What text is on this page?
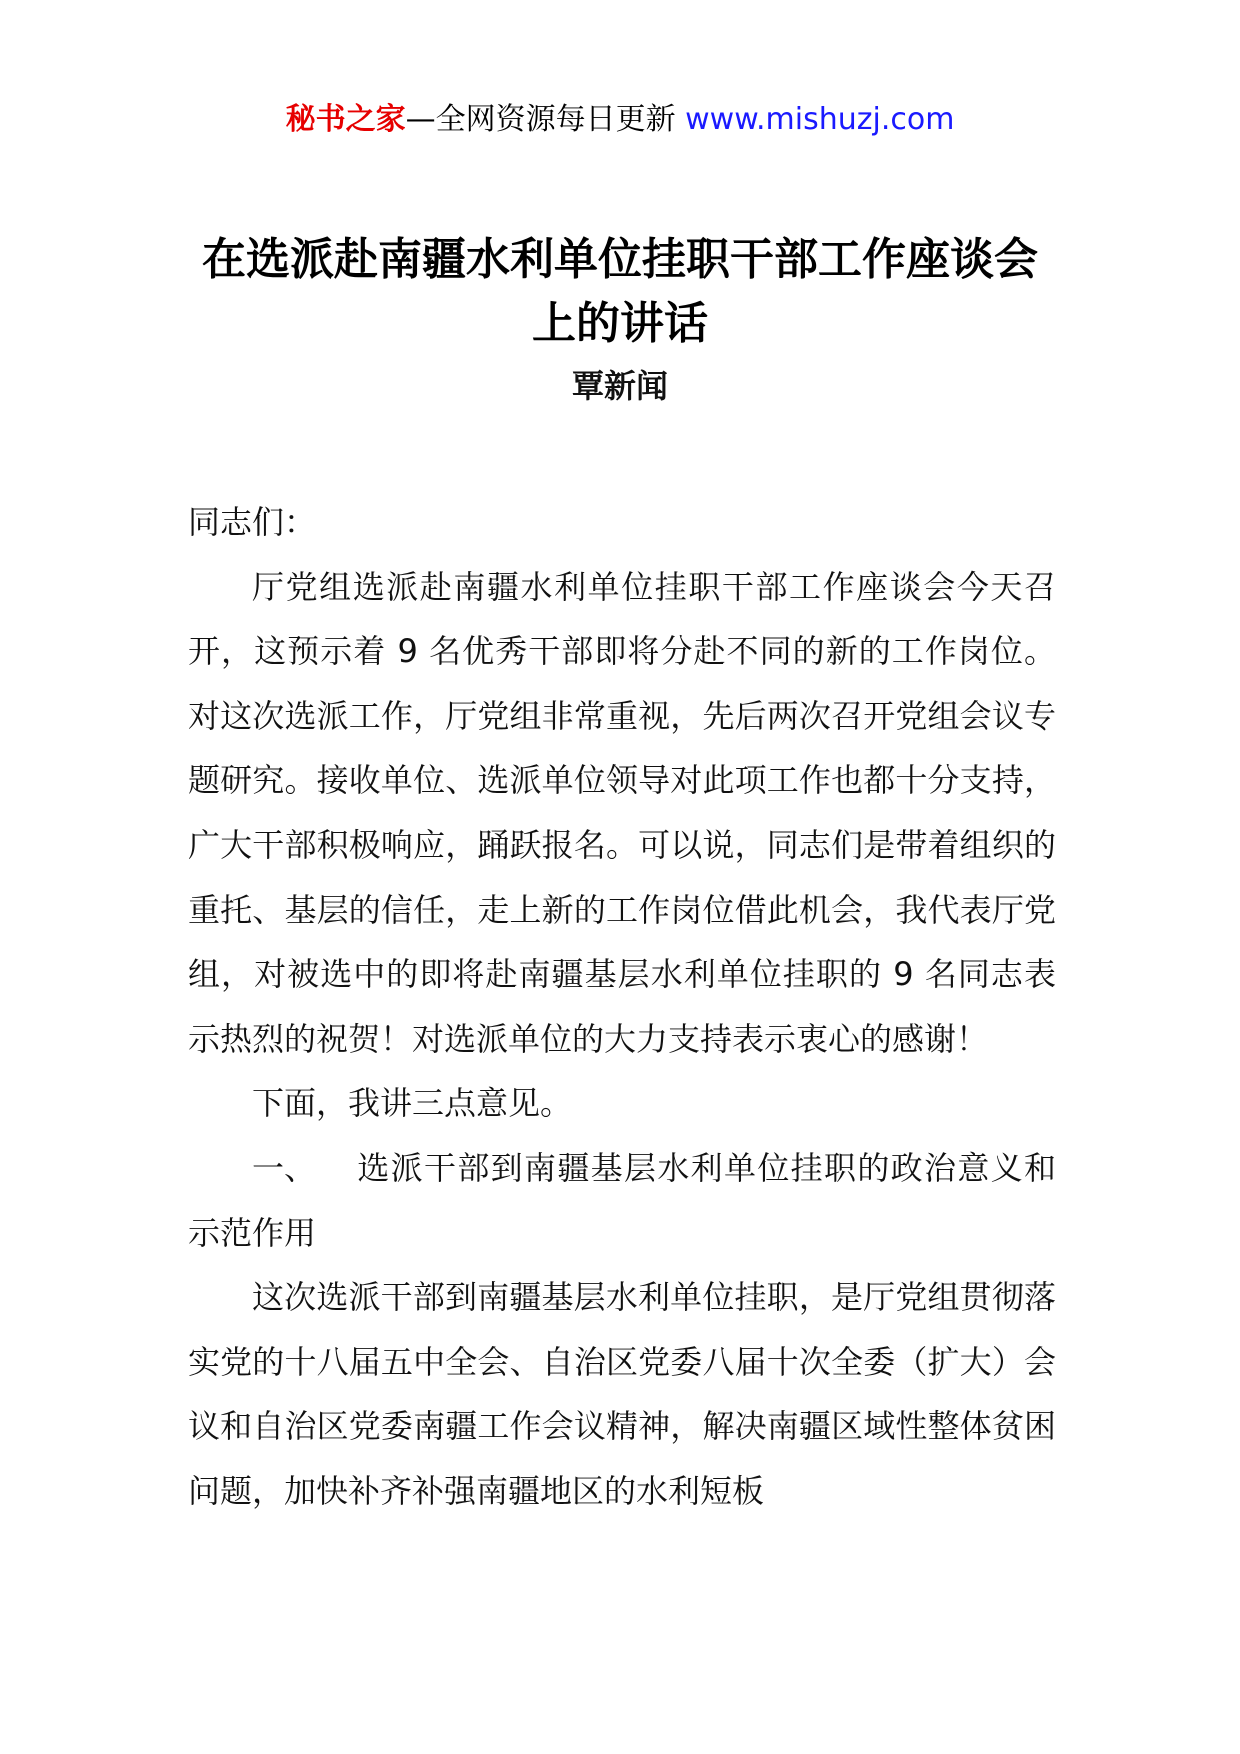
秘书之家—全网资源每日更新 www.mishuzj.com
在选派赴南疆水利单位挂职干部工作座谈会上的讲话
覃新闻

同志们：

厅党组选派赴南疆水利单位挂职干部工作座谈会今天召开，这预示着 9 名优秀干部即将分赴不同的新的工作岗位。对这次选派工作，厅党组非常重视，先后两次召开党组会议专题研究。接收单位、选派单位领导对此项工作也都十分支持，广大干部积极响应，踊跃报名。可以说，同志们是带着组织的重托、基层的信任，走上新的工作岗位借此机会，我代表厅党组，对被选中的即将赴南疆基层水利单位挂职的 9 名同志表示热烈的祝贺！对选派单位的大力支持表示衷心的感谢！

下面，我讲三点意见。

一、 选派干部到南疆基层水利单位挂职的政治意义和示范作用

这次选派干部到南疆基层水利单位挂职，是厅党组贯彻落实党的十八届五中全会、自治区党委八届十次全委（扩大）会议和自治区党委南疆工作会议精神，解决南疆区域性整体贫困问题，加快补齐补强南疆地区的水利短板
